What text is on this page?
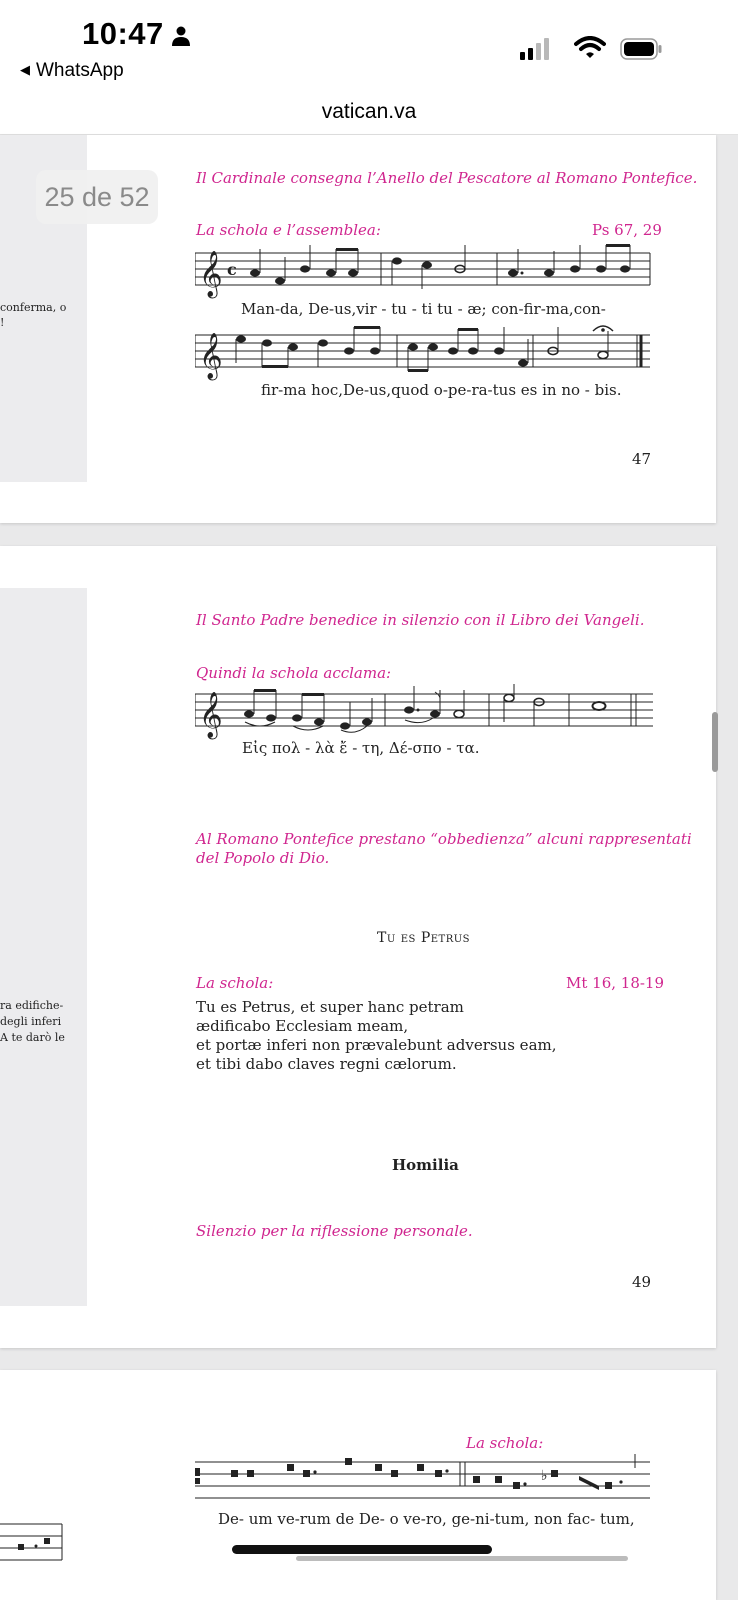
10:47
◀ WhatsApp
vatican.va
conferma, o
!
Il Cardinale consegna l’Anello del Pescatore al Romano Pontefice.
La schola e l’assemblea:	Ps 67, 29
𝄞 c
Man-da, De-us,vir - tu - ti tu - æ; con-fir-ma,con-
𝄞
fir-ma hoc,De-us,quod o-pe-ra-tus es in no - bis.
47
ra edifiche-
degli inferi
A te darò le
Il Santo Padre benedice in silenzio con il Libro dei Vangeli.
Quindi la schola acclama:
𝄞
Εἰς πολ - λὰ ἔ - τη, Δέ-σπο - τα.
Al Romano Pontefice prestano “obbedienza” alcuni rappresentati
del Popolo di Dio.
Tu es Petrus
La schola:	Mt 16, 18-19
Tu es Petrus, et super hanc petram
ædificabo Ecclesiam meam,
et portæ inferi non prævalebunt adversus eam,
et tibi dabo claves regni cælorum.
Homilia
Silenzio per la riflessione personale.
49
La schola:
♭
De- um ve-rum de De- o ve-ro, ge-ni-tum, non fac- tum,
25 de 52
